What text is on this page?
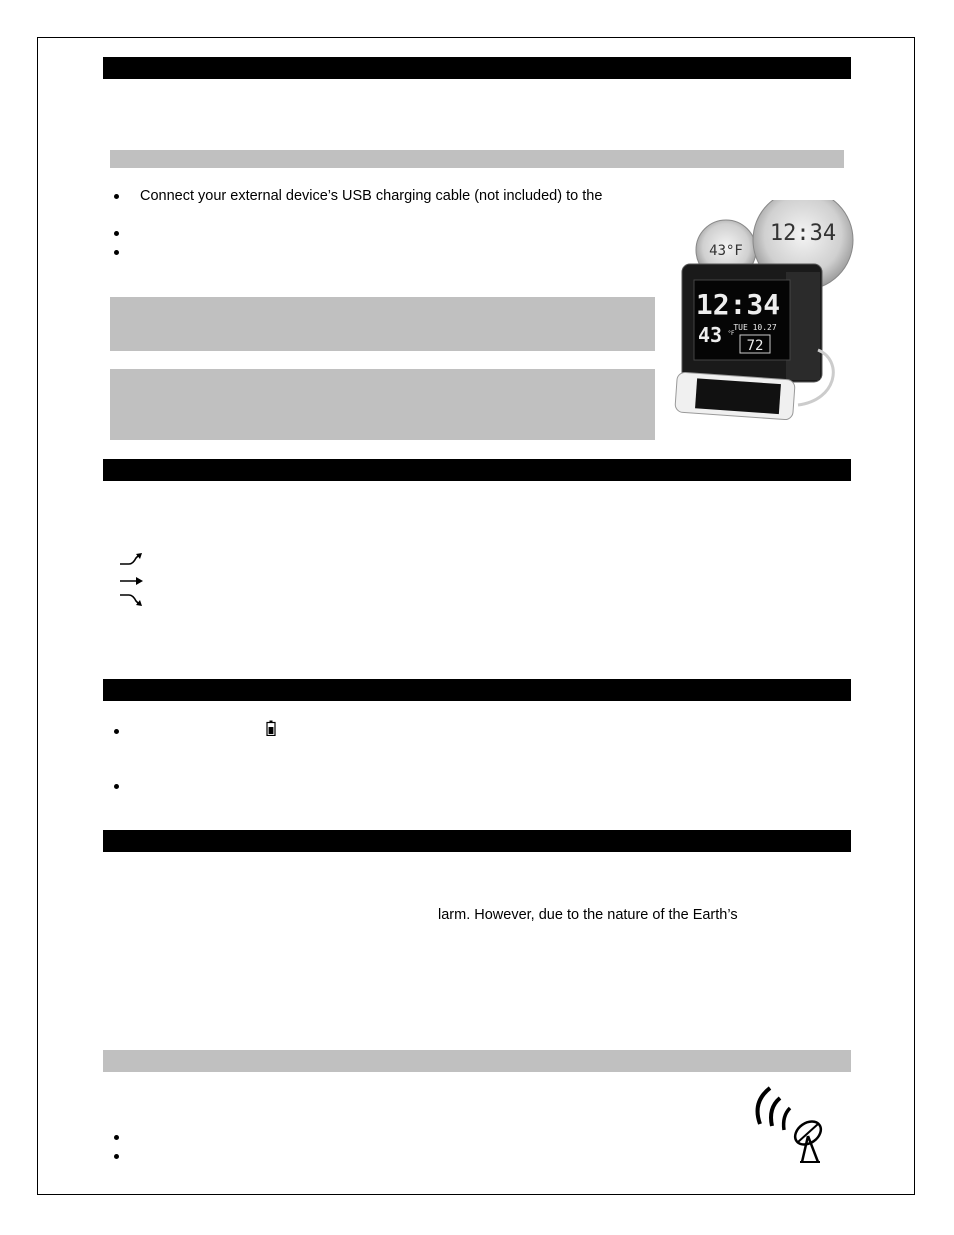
Connect your external device’s USB charging cable (not included) to the
43°F
12:34
12:34
43 °F
TUE 10.27
72
larm. However, due to the nature of the Earth’s
